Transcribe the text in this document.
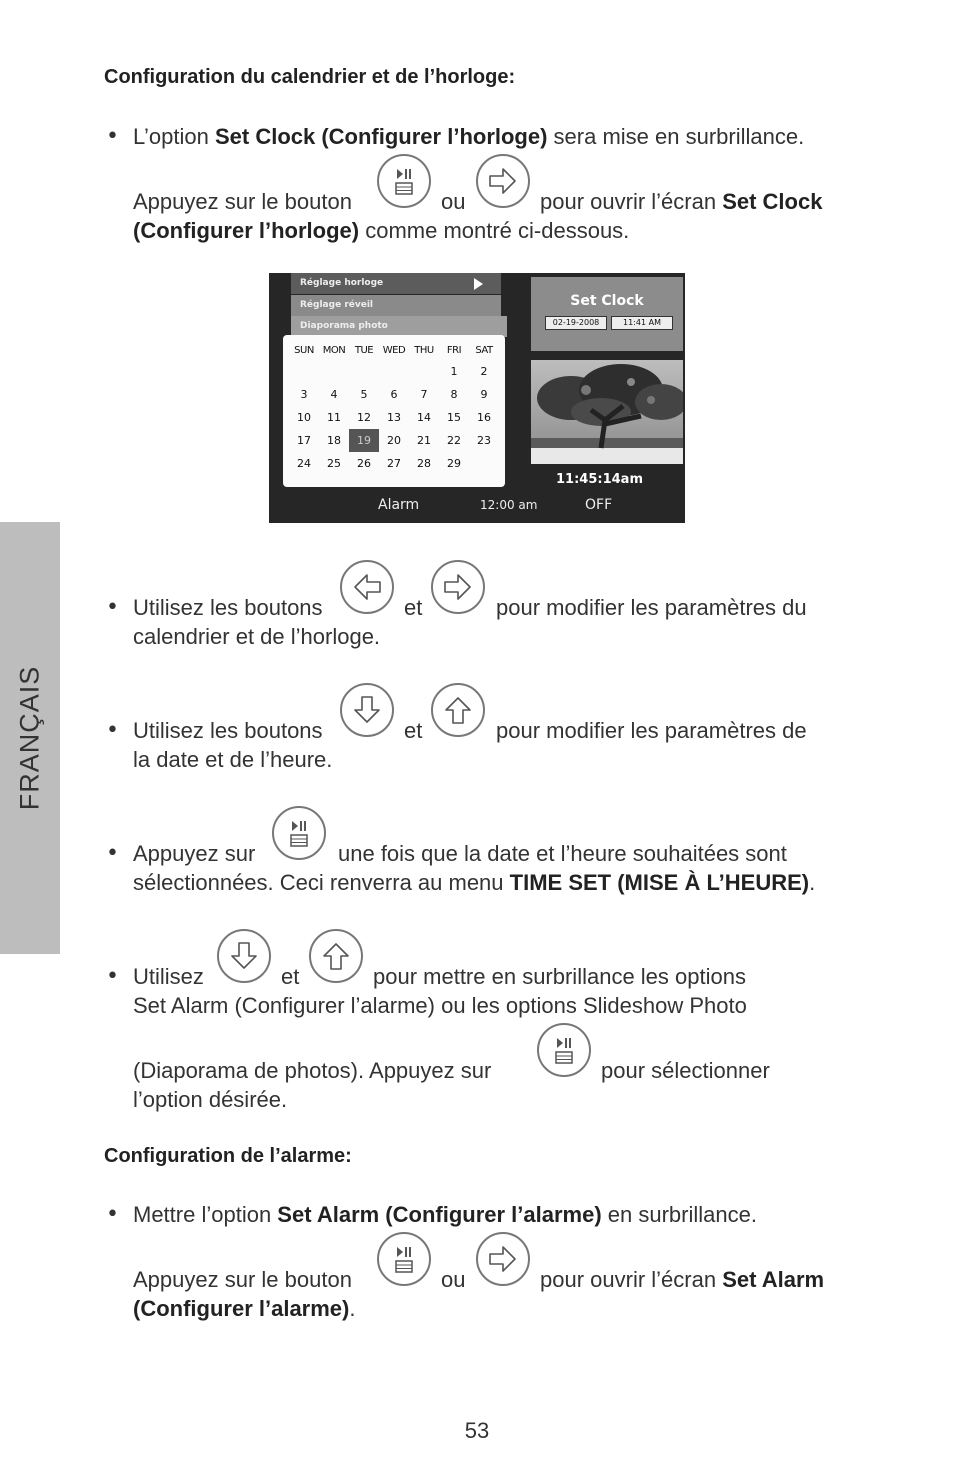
FRANÇAIS
Configuration du calendrier et de l’horloge:
• L’option Set Clock (Configurer l’horloge) sera mise en surbrillance.
Appuyez sur le bouton	ou	pour ouvrir l’écran Set Clock
(Configurer l’horloge) comme montré ci-dessous.
Réglage horloge
Réglage réveil
Diaporama photo
SUN	MON	TUE	WED	THU	FRI	SAT
					1	2
3	4	5	6	7	8	9
10	11	12	13	14	15	16
17	18	19	20	21	22	23
24	25	26	27	28	29	
Set Clock
02-19-2008	11:41 AM
11:45:14am
Alarm	12:00 am	OFF
• Utilisez les boutons	et	pour modifier les paramètres du
calendrier et de l’horloge.
• Utilisez les boutons	et	pour modifier les paramètres de
la date et de l’heure.
• Appuyez sur	une fois que la date et l’heure souhaitées sont
sélectionnées. Ceci renverra au menu TIME SET (MISE À L’HEURE).
• Utilisez	et	pour mettre en surbrillance les options
Set Alarm (Configurer l’alarme) ou les options Slideshow Photo
(Diaporama de photos). Appuyez sur	pour sélectionner
l’option désirée.
Configuration de l’alarme:
• Mettre l’option Set Alarm (Configurer l’alarme) en surbrillance.
Appuyez sur le bouton	ou	pour ouvrir l’écran Set Alarm
(Configurer l’alarme).
53
